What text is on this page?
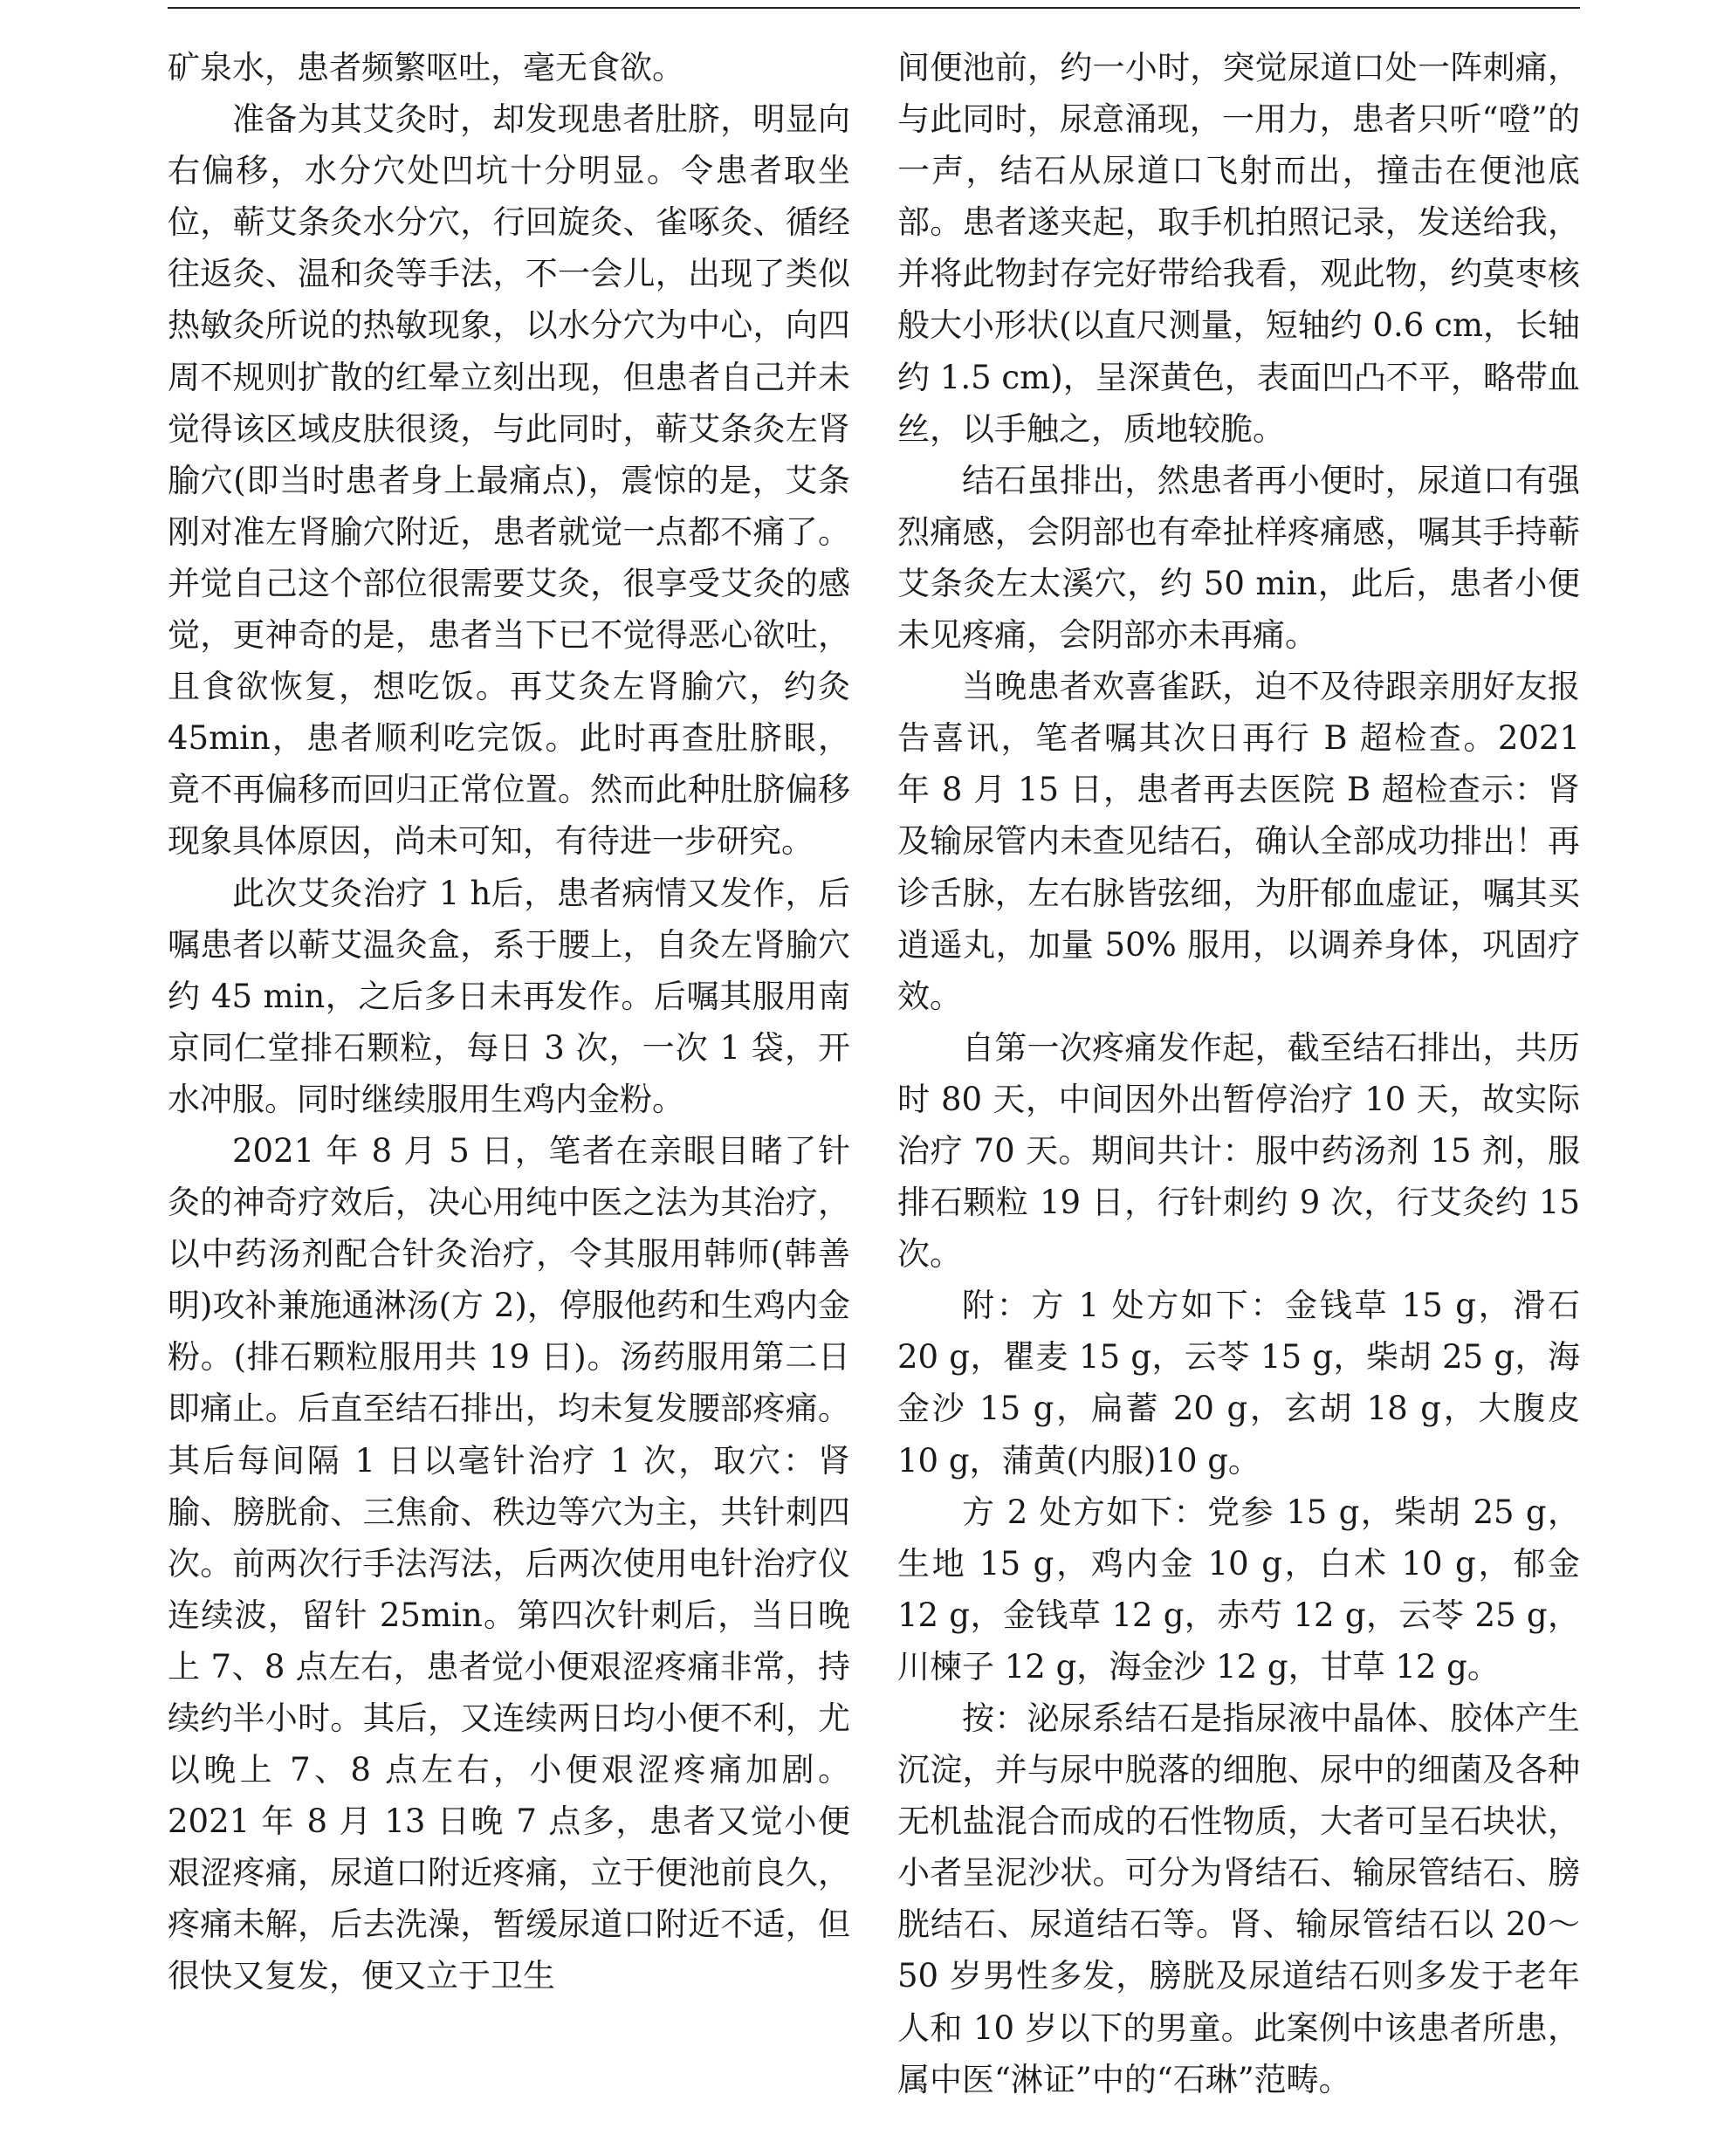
矿泉水，患者频繁呕吐，毫无食欲。

准备为其艾灸时，却发现患者肚脐，明显向右偏移，水分穴处凹坑十分明显。令患者取坐位，蕲艾条灸水分穴，行回旋灸、雀啄灸、循经往返灸、温和灸等手法，不一会儿，出现了类似热敏灸所说的热敏现象，以水分穴为中心，向四周不规则扩散的红晕立刻出现，但患者自己并未觉得该区域皮肤很烫，与此同时，蕲艾条灸左肾腧穴(即当时患者身上最痛点)，震惊的是，艾条刚对准左肾腧穴附近，患者就觉一点都不痛了。并觉自己这个部位很需要艾灸，很享受艾灸的感觉，更神奇的是，患者当下已不觉得恶心欲吐，且食欲恢复，想吃饭。再艾灸左肾腧穴，约灸45min，患者顺利吃完饭。此时再查肚脐眼，竟不再偏移而回归正常位置。然而此种肚脐偏移现象具体原因，尚未可知，有待进一步研究。

此次艾灸治疗 1 h后，患者病情又发作，后嘱患者以蕲艾温灸盒，系于腰上，自灸左肾腧穴约 45 min，之后多日未再发作。后嘱其服用南京同仁堂排石颗粒，每日 3 次，一次 1 袋，开水冲服。同时继续服用生鸡内金粉。

2021 年 8 月 5 日，笔者在亲眼目睹了针灸的神奇疗效后，决心用纯中医之法为其治疗，以中药汤剂配合针灸治疗，令其服用韩师(韩善明)攻补兼施通淋汤(方 2)，停服他药和生鸡内金粉。(排石颗粒服用共 19 日)。汤药服用第二日即痛止。后直至结石排出，均未复发腰部疼痛。其后每间隔 1 日以毫针治疗 1 次，取穴：肾腧、膀胱俞、三焦俞、秩边等穴为主，共针刺四次。前两次行手法泻法，后两次使用电针治疗仪连续波，留针 25min。第四次针刺后，当日晚上 7、8 点左右，患者觉小便艰涩疼痛非常，持续约半小时。其后，又连续两日均小便不利，尤以晚上 7、8 点左右，小便艰涩疼痛加剧。2021 年 8 月 13 日晚 7 点多，患者又觉小便艰涩疼痛，尿道口附近疼痛，立于便池前良久，疼痛未解，后去洗澡，暂缓尿道口附近不适，但很快又复发，便又立于卫生

间便池前，约一小时，突觉尿道口处一阵刺痛，与此同时，尿意涌现，一用力，患者只听“噔”的一声，结石从尿道口飞射而出，撞击在便池底部。患者遂夹起，取手机拍照记录，发送给我，并将此物封存完好带给我看，观此物，约莫枣核般大小形状(以直尺测量，短轴约 0.6 cm，长轴约 1.5 cm)，呈深黄色，表面凹凸不平，略带血丝，以手触之，质地较脆。

结石虽排出，然患者再小便时，尿道口有强烈痛感，会阴部也有牵扯样疼痛感，嘱其手持蕲艾条灸左太溪穴，约 50 min，此后，患者小便未见疼痛，会阴部亦未再痛。

当晚患者欢喜雀跃，迫不及待跟亲朋好友报告喜讯，笔者嘱其次日再行 B 超检查。2021 年 8 月 15 日，患者再去医院 B 超检查示：肾及输尿管内未查见结石，确认全部成功排出！再诊舌脉，左右脉皆弦细，为肝郁血虚证，嘱其买逍遥丸，加量 50% 服用，以调养身体，巩固疗效。

自第一次疼痛发作起，截至结石排出，共历时 80 天，中间因外出暂停治疗 10 天，故实际治疗 70 天。期间共计：服中药汤剂 15 剂，服排石颗粒 19 日，行针刺约 9 次，行艾灸约 15 次。

附：方 1 处方如下：金钱草 15 g，滑石 20 g，瞿麦 15 g，云苓 15 g，柴胡 25 g，海金沙 15 g，扁蓄 20 g，玄胡 18 g，大腹皮 10 g，蒲黄(内服)10 g。

方 2 处方如下：党参 15 g，柴胡 25 g，生地 15 g，鸡内金 10 g，白术 10 g，郁金 12 g，金钱草 12 g，赤芍 12 g，云苓 25 g，川楝子 12 g，海金沙 12 g，甘草 12 g。

按：泌尿系结石是指尿液中晶体、胶体产生沉淀，并与尿中脱落的细胞、尿中的细菌及各种无机盐混合而成的石性物质，大者可呈石块状，小者呈泥沙状。可分为肾结石、输尿管结石、膀胱结石、尿道结石等。肾、输尿管结石以 20～50 岁男性多发，膀胱及尿道结石则多发于老年人和 10 岁以下的男童。此案例中该患者所患，属中医“淋证”中的“石琳”范畴。
